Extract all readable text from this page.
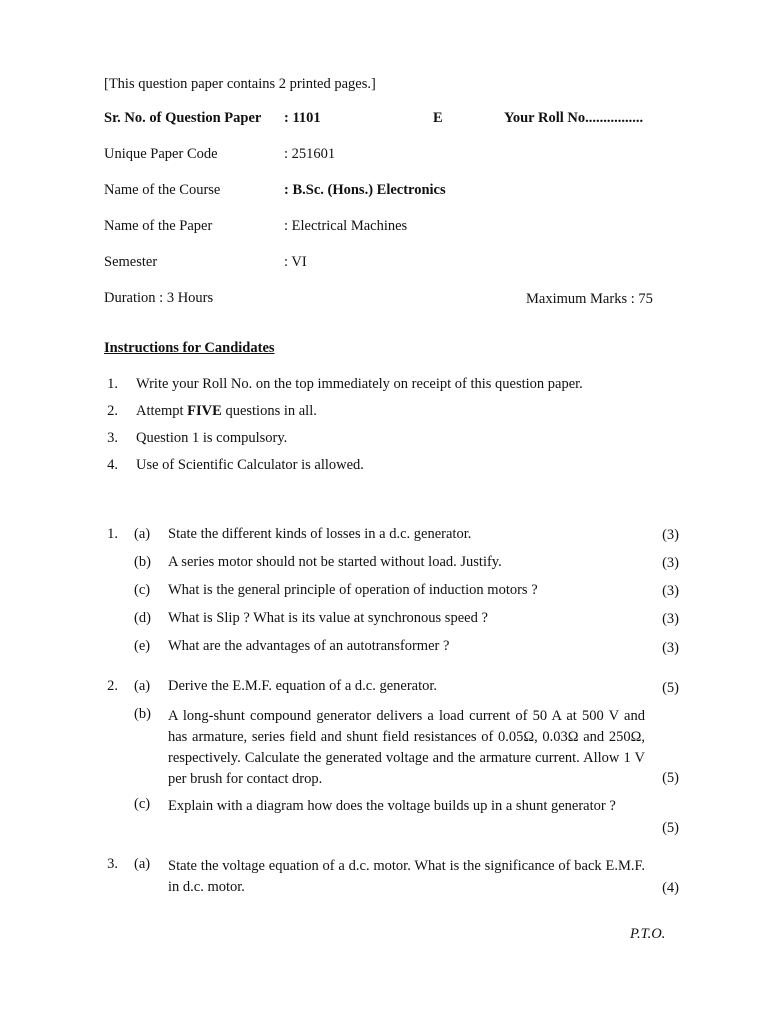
[This question paper contains 2 printed pages.]
Sr. No. of Question Paper : 1101	E	Your Roll No................
Unique Paper Code	: 251601
Name of the Course	: B.Sc. (Hons.) Electronics
Name of the Paper	: Electrical Machines
Semester	: VI
Duration : 3 Hours	Maximum Marks : 75
Instructions for Candidates
1. Write your Roll No. on the top immediately on receipt of this question paper.
2. Attempt FIVE questions in all.
3. Question 1 is compulsory.
4. Use of Scientific Calculator is allowed.
1. (a) State the different kinds of losses in a d.c. generator.	(3)
(b) A series motor should not be started without load. Justify.	(3)
(c) What is the general principle of operation of induction motors ?	(3)
(d) What is Slip ? What is its value at synchronous speed ?	(3)
(e) What are the advantages of an autotransformer ?	(3)
2. (a) Derive the E.M.F. equation of a d.c. generator.	(5)
(b) A long-shunt compound generator delivers a load current of 50 A at 500 V and has armature, series field and shunt field resistances of 0.05Ω, 0.03Ω and 250Ω, respectively. Calculate the generated voltage and the armature current. Allow 1 V per brush for contact drop.	(5)
(c) Explain with a diagram how does the voltage builds up in a shunt generator ?
(5)
3. (a) State the voltage equation of a d.c. motor. What is the significance of back E.M.F. in d.c. motor.	(4)
P.T.O.
